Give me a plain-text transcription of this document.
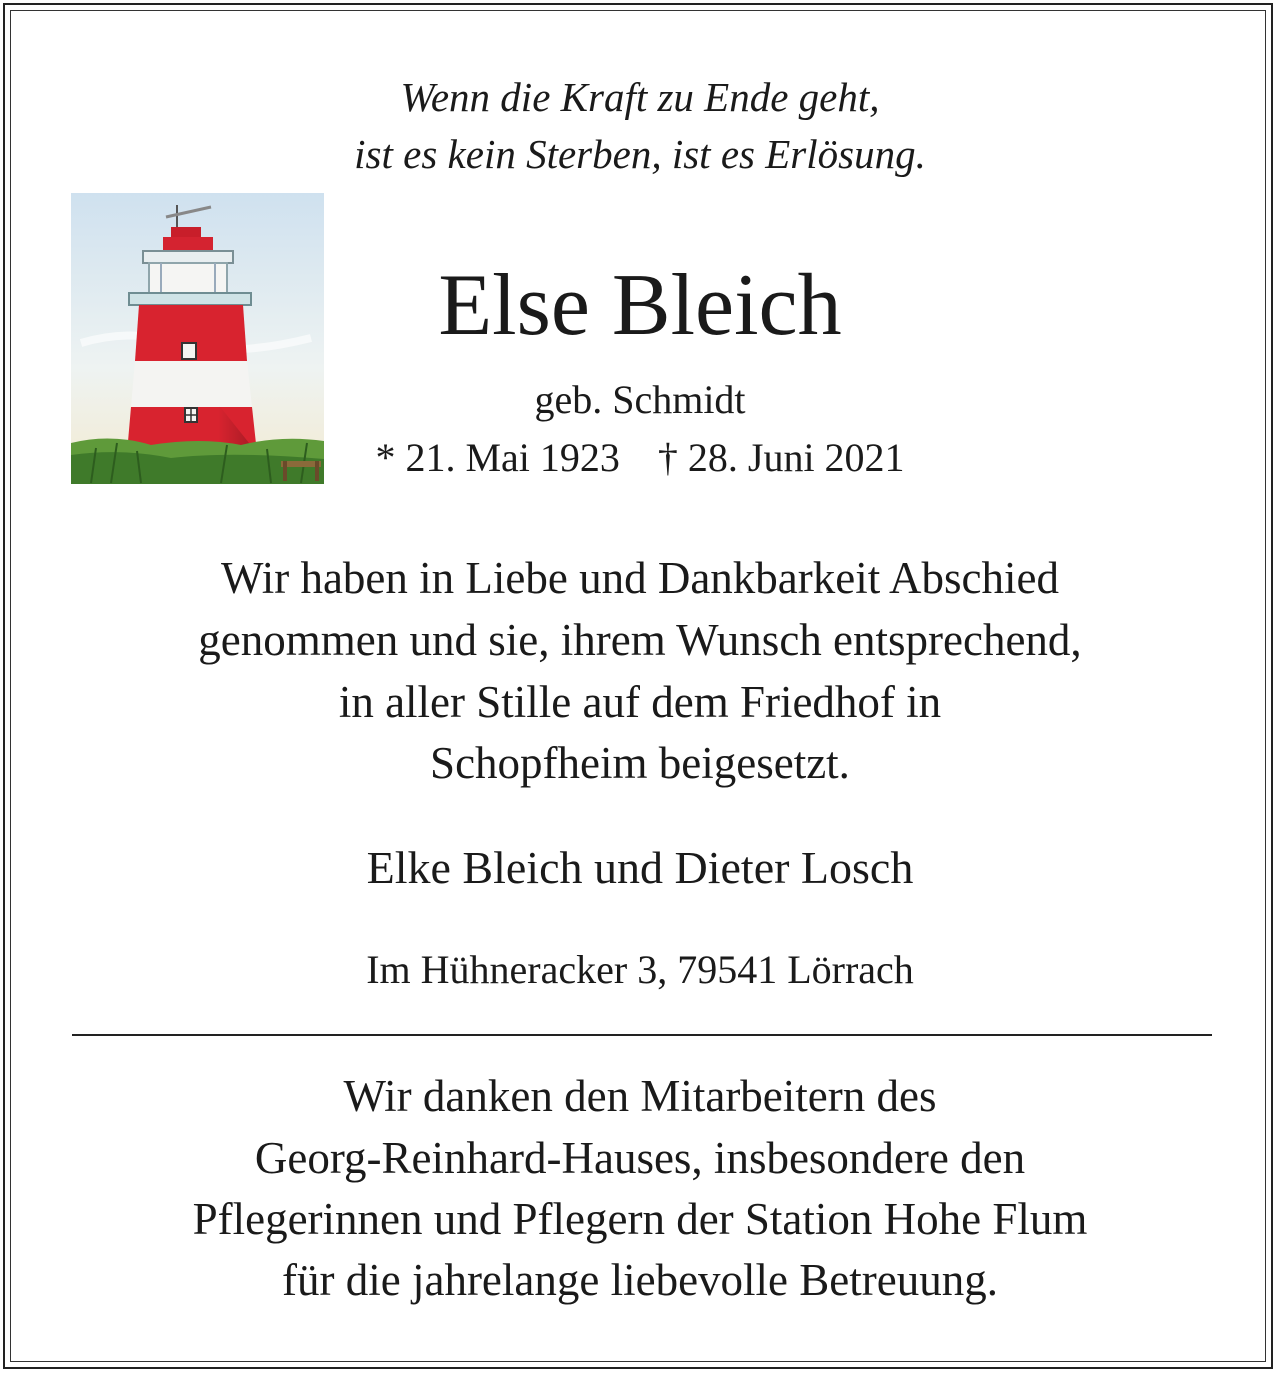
Wenn die Kraft zu Ende geht,
ist es kein Sterben, ist es Erlösung.
Else Bleich
geb. Schmidt
* 21. Mai 1923 † 28. Juni 2021
Wir haben in Liebe und Dankbarkeit Abschied
genommen und sie, ihrem Wunsch entsprechend,
in aller Stille auf dem Friedhof in
Schopfheim beigesetzt.
Elke Bleich und Dieter Losch
Im Hühneracker 3, 79541 Lörrach
Wir danken den Mitarbeitern des
Georg-Reinhard-Hauses, insbesondere den
Pflegerinnen und Pflegern der Station Hohe Flum
für die jahrelange liebevolle Betreuung.
